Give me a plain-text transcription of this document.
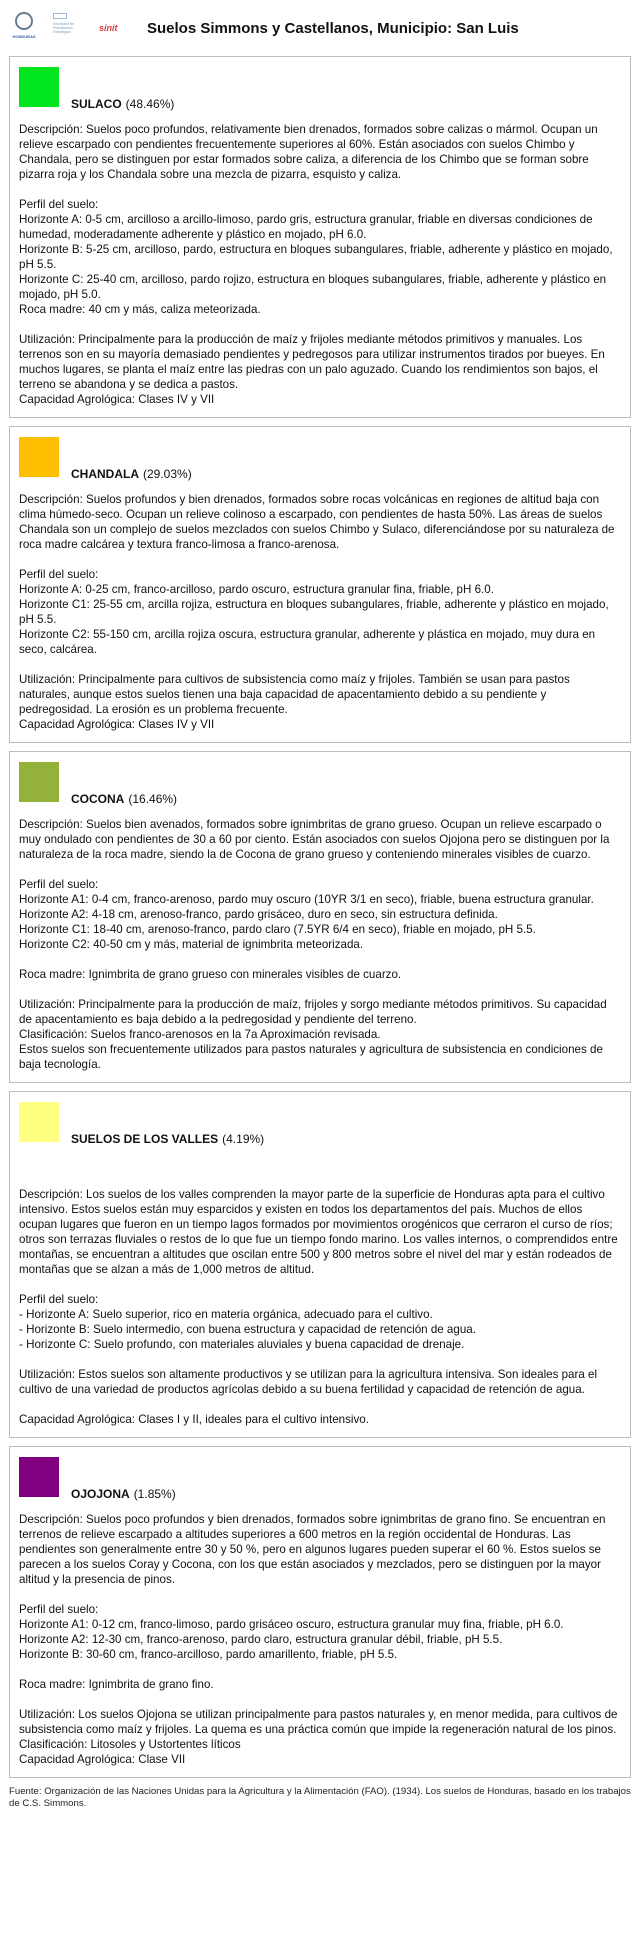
HONDURAS
Secretaría de Planificación Estratégica	sinit Suelos Simmons y Castellanos, Municipio: San Luis
SULACO (48.46%)
Descripción: Suelos poco profundos, relativamente bien drenados, formados sobre calizas o mármol. Ocupan un relieve escarpado con pendientes frecuentemente superiores al 60%. Están asociados con suelos Chimbo y Chandala, pero se distinguen por estar formados sobre caliza, a diferencia de los Chimbo que se forman sobre pizarra roja y los Chandala sobre una mezcla de pizarra, esquisto y caliza.
Perfil del suelo:
Horizonte A: 0-5 cm, arcilloso a arcillo-limoso, pardo gris, estructura granular, friable en diversas condiciones de humedad, moderadamente adherente y plástico en mojado, pH 6.0.
Horizonte B: 5-25 cm, arcilloso, pardo, estructura en bloques subangulares, friable, adherente y plástico en mojado, pH 5.5.
Horizonte C: 25-40 cm, arcilloso, pardo rojizo, estructura en bloques subangulares, friable, adherente y plástico en mojado, pH 5.0.
Roca madre: 40 cm y más, caliza meteorizada.
Utilización: Principalmente para la producción de maíz y frijoles mediante métodos primitivos y manuales. Los terrenos son en su mayoría demasiado pendientes y pedregosos para utilizar instrumentos tirados por bueyes. En muchos lugares, se planta el maíz entre las piedras con un palo aguzado. Cuando los rendimientos son bajos, el terreno se abandona y se dedica a pastos.
Capacidad Agrológica: Clases IV y VII
CHANDALA (29.03%)
Descripción: Suelos profundos y bien drenados, formados sobre rocas volcánicas en regiones de altitud baja con clima húmedo-seco. Ocupan un relieve colinoso a escarpado, con pendientes de hasta 50%. Las áreas de suelos Chandala son un complejo de suelos mezclados con suelos Chimbo y Sulaco, diferenciándose por su naturaleza de roca madre calcárea y textura franco-limosa a franco-arenosa.
Perfil del suelo:
Horizonte A: 0-25 cm, franco-arcilloso, pardo oscuro, estructura granular fina, friable, pH 6.0.
Horizonte C1: 25-55 cm, arcilla rojiza, estructura en bloques subangulares, friable, adherente y plástico en mojado, pH 5.5.
Horizonte C2: 55-150 cm, arcilla rojiza oscura, estructura granular, adherente y plástica en mojado, muy dura en seco, calcárea.
Utilización: Principalmente para cultivos de subsistencia como maíz y frijoles. También se usan para pastos naturales, aunque estos suelos tienen una baja capacidad de apacentamiento debido a su pendiente y pedregosidad. La erosión es un problema frecuente.
Capacidad Agrológica: Clases IV y VII
COCONA (16.46%)
Descripción: Suelos bien avenados, formados sobre ignimbritas de grano grueso. Ocupan un relieve escarpado o muy ondulado con pendientes de 30 a 60 por ciento. Están asociados con suelos Ojojona pero se distinguen por la naturaleza de la roca madre, siendo la de Cocona de grano grueso y conteniendo minerales visibles de cuarzo.
Perfil del suelo:
Horizonte A1: 0-4 cm, franco-arenoso, pardo muy oscuro (10YR 3/1 en seco), friable, buena estructura granular.
Horizonte A2: 4-18 cm, arenoso-franco, pardo grisáceo, duro en seco, sin estructura definida.
Horizonte C1: 18-40 cm, arenoso-franco, pardo claro (7.5YR 6/4 en seco), friable en mojado, pH 5.5.
Horizonte C2: 40-50 cm y más, material de ignimbrita meteorizada.
Roca madre: Ignimbrita de grano grueso con minerales visibles de cuarzo.
Utilización: Principalmente para la producción de maíz, frijoles y sorgo mediante métodos primitivos. Su capacidad de apacentamiento es baja debido a la pedregosidad y pendiente del terreno.
Clasificación: Suelos franco-arenosos en la 7a Aproximación revisada.
Estos suelos son frecuentemente utilizados para pastos naturales y agricultura de subsistencia en condiciones de baja tecnología.
SUELOS DE LOS VALLES (4.19%)

Descripción: Los suelos de los valles comprenden la mayor parte de la superficie de Honduras apta para el cultivo intensivo. Estos suelos están muy esparcidos y existen en todos los departamentos del país. Muchos de ellos ocupan lugares que fueron en un tiempo lagos formados por movimientos orogénicos que cerraron el curso de ríos; otros son terrazas fluviales o restos de lo que fue un tiempo fondo marino. Los valles internos, o comprendidos entre montañas, se encuentran a altitudes que oscilan entre 500 y 800 metros sobre el nivel del mar y están rodeados de montañas que se alzan a más de 1,000 metros de altitud.
Perfil del suelo:
- Horizonte A: Suelo superior, rico en materia orgánica, adecuado para el cultivo.
- Horizonte B: Suelo intermedio, con buena estructura y capacidad de retención de agua.
- Horizonte C: Suelo profundo, con materiales aluviales y buena capacidad de drenaje.
Utilización: Estos suelos son altamente productivos y se utilizan para la agricultura intensiva. Son ideales para el cultivo de una variedad de productos agrícolas debido a su buena fertilidad y capacidad de retención de agua.
Capacidad Agrológica: Clases I y II, ideales para el cultivo intensivo.
OJOJONA (1.85%)
Descripción: Suelos poco profundos y bien drenados, formados sobre ignimbritas de grano fino. Se encuentran en terrenos de relieve escarpado a altitudes superiores a 600 metros en la región occidental de Honduras. Las pendientes son generalmente entre 30 y 50 %, pero en algunos lugares pueden superar el 60 %. Estos suelos se parecen a los suelos Coray y Cocona, con los que están asociados y mezclados, pero se distinguen por la mayor altitud y la presencia de pinos.
Perfil del suelo:
Horizonte A1: 0-12 cm, franco-limoso, pardo grisáceo oscuro, estructura granular muy fina, friable, pH 6.0.
Horizonte A2: 12-30 cm, franco-arenoso, pardo claro, estructura granular débil, friable, pH 5.5.
Horizonte B: 30-60 cm, franco-arcilloso, pardo amarillento, friable, pH 5.5.
Roca madre: Ignimbrita de grano fino.
Utilización: Los suelos Ojojona se utilizan principalmente para pastos naturales y, en menor medida, para cultivos de subsistencia como maíz y frijoles. La quema es una práctica común que impide la regeneración natural de los pinos.
Clasificación: Litosoles y Ustortentes líticos
Capacidad Agrológica: Clase VII
Fuente: Organización de las Naciones Unidas para la Agricultura y la Alimentación (FAO). (1934). Los suelos de Honduras, basado en los trabajos de C.S. Simmons.
